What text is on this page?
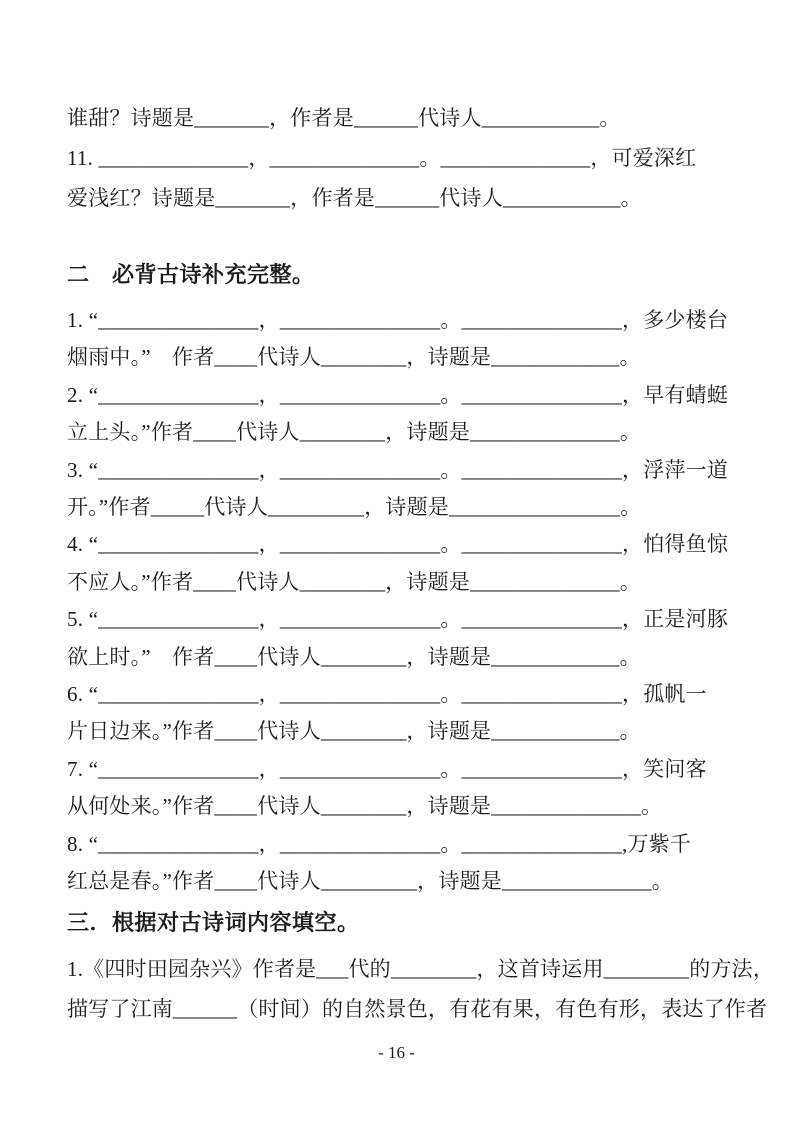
谁甜？诗题是_______，作者是______代诗人___________。

11. ______________，______________。______________，可爱深红

爱浅红？诗题是_______，作者是______代诗人___________。

二　必背古诗补充完整。

1. “_______________，_______________。_______________，多少楼台

烟雨中。”　作者____代诗人________，诗题是____________。

2. “_______________，_______________。_______________，早有蜻蜓

立上头。”作者____代诗人________，诗题是______________。

3. “_______________，_______________。_______________，浮萍一道

开。”作者_____代诗人_________，诗题是________________。

4. “_______________，_______________。_______________，怕得鱼惊

不应人。”作者____代诗人________，诗题是______________。

5. “_______________，_______________。_______________，正是河豚

欲上时。”　作者____代诗人________，诗题是____________。

6. “_______________，_______________。_______________，孤帆一

片日边来。”作者____代诗人________，诗题是____________。

7. “_______________，_______________。_______________，笑问客

从何处来。”作者____代诗人________，诗题是______________。

8. “_______________，_______________。_______________,万紫千

红总是春。”作者____代诗人_________，诗题是______________。

三．根据对古诗词内容填空。

1.《四时田园杂兴》作者是___代的________，这首诗运用________的方法，

描写了江南______（时间）的自然景色，有花有果，有色有形，表达了作者

- 16 -
